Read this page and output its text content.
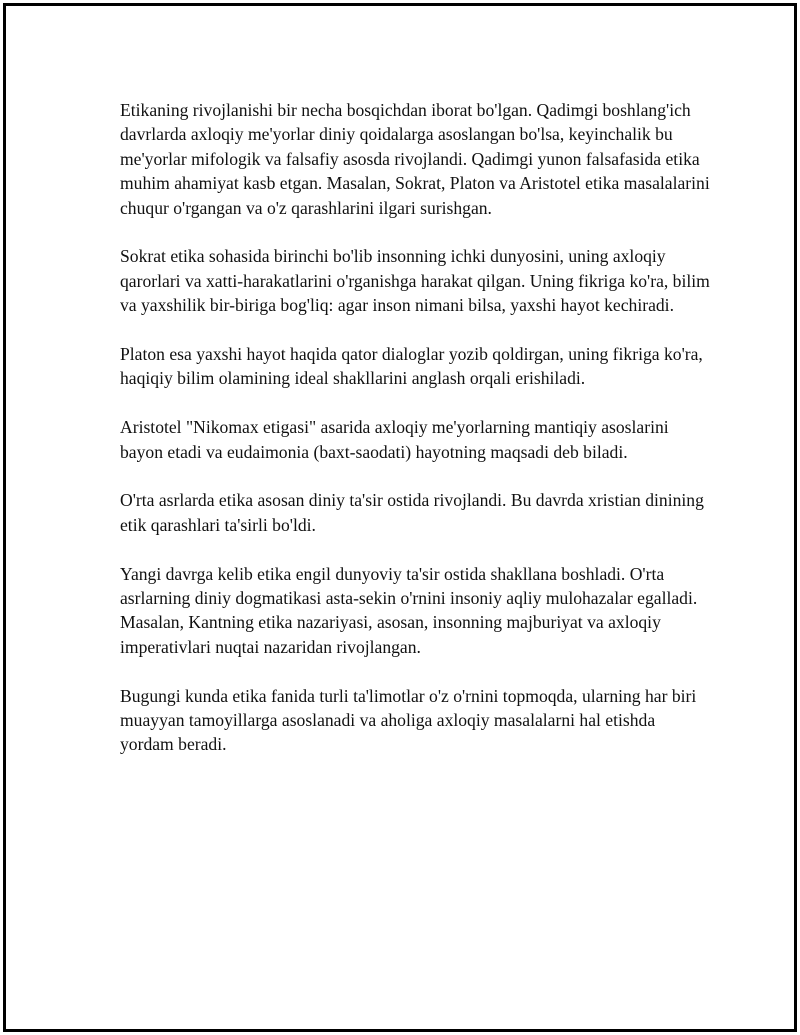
Etikaning rivojlanishi bir necha bosqichdan iborat bo'lgan. Qadimgi boshlang'ich davrlarda axloqiy me'yorlar diniy qoidalarga asoslangan bo'lsa, keyinchalik bu me'yorlar mifologik va falsafiy asosda rivojlandi. Qadimgi yunon falsafasida etika muhim ahamiyat kasb etgan. Masalan, Sokrat, Platon va Aristotel etika masalalarini chuqur o'rgangan va o'z qarashlarini ilgari surishgan.

Sokrat etika sohasida birinchi bo'lib insonning ichki dunyosini, uning axloqiy qarorlari va xatti-harakatlarini o'rganishga harakat qilgan. Uning fikriga ko'ra, bilim va yaxshilik bir-biriga bog'liq: agar inson nimani bilsa, yaxshi hayot kechiradi.

Platon esa yaxshi hayot haqida qator dialoglar yozib qoldirgan, uning fikriga ko'ra, haqiqiy bilim olamining ideal shakllarini anglash orqali erishiladi.

Aristotel "Nikomax etigasi" asarida axloqiy me'yorlarning mantiqiy asoslarini bayon etadi va eudaimonia (baxt-saodati) hayotning maqsadi deb biladi.

O'rta asrlarda etika asosan diniy ta'sir ostida rivojlandi. Bu davrda xristian dinining etik qarashlari ta'sirli bo'ldi.

Yangi davrga kelib etika engil dunyoviy ta'sir ostida shakllana boshladi. O'rta asrlarning diniy dogmatikasi asta-sekin o'rnini insoniy aqliy mulohazalar egalladi. Masalan, Kantning etika nazariyasi, asosan, insonning majburiyat va axloqiy imperativlari nuqtai nazaridan rivojlangan.

Bugungi kunda etika fanida turli ta'limotlar o'z o'rnini topmoqda, ularning har biri muayyan tamoyillarga asoslanadi va aholiga axloqiy masalalarni hal etishda yordam beradi.
